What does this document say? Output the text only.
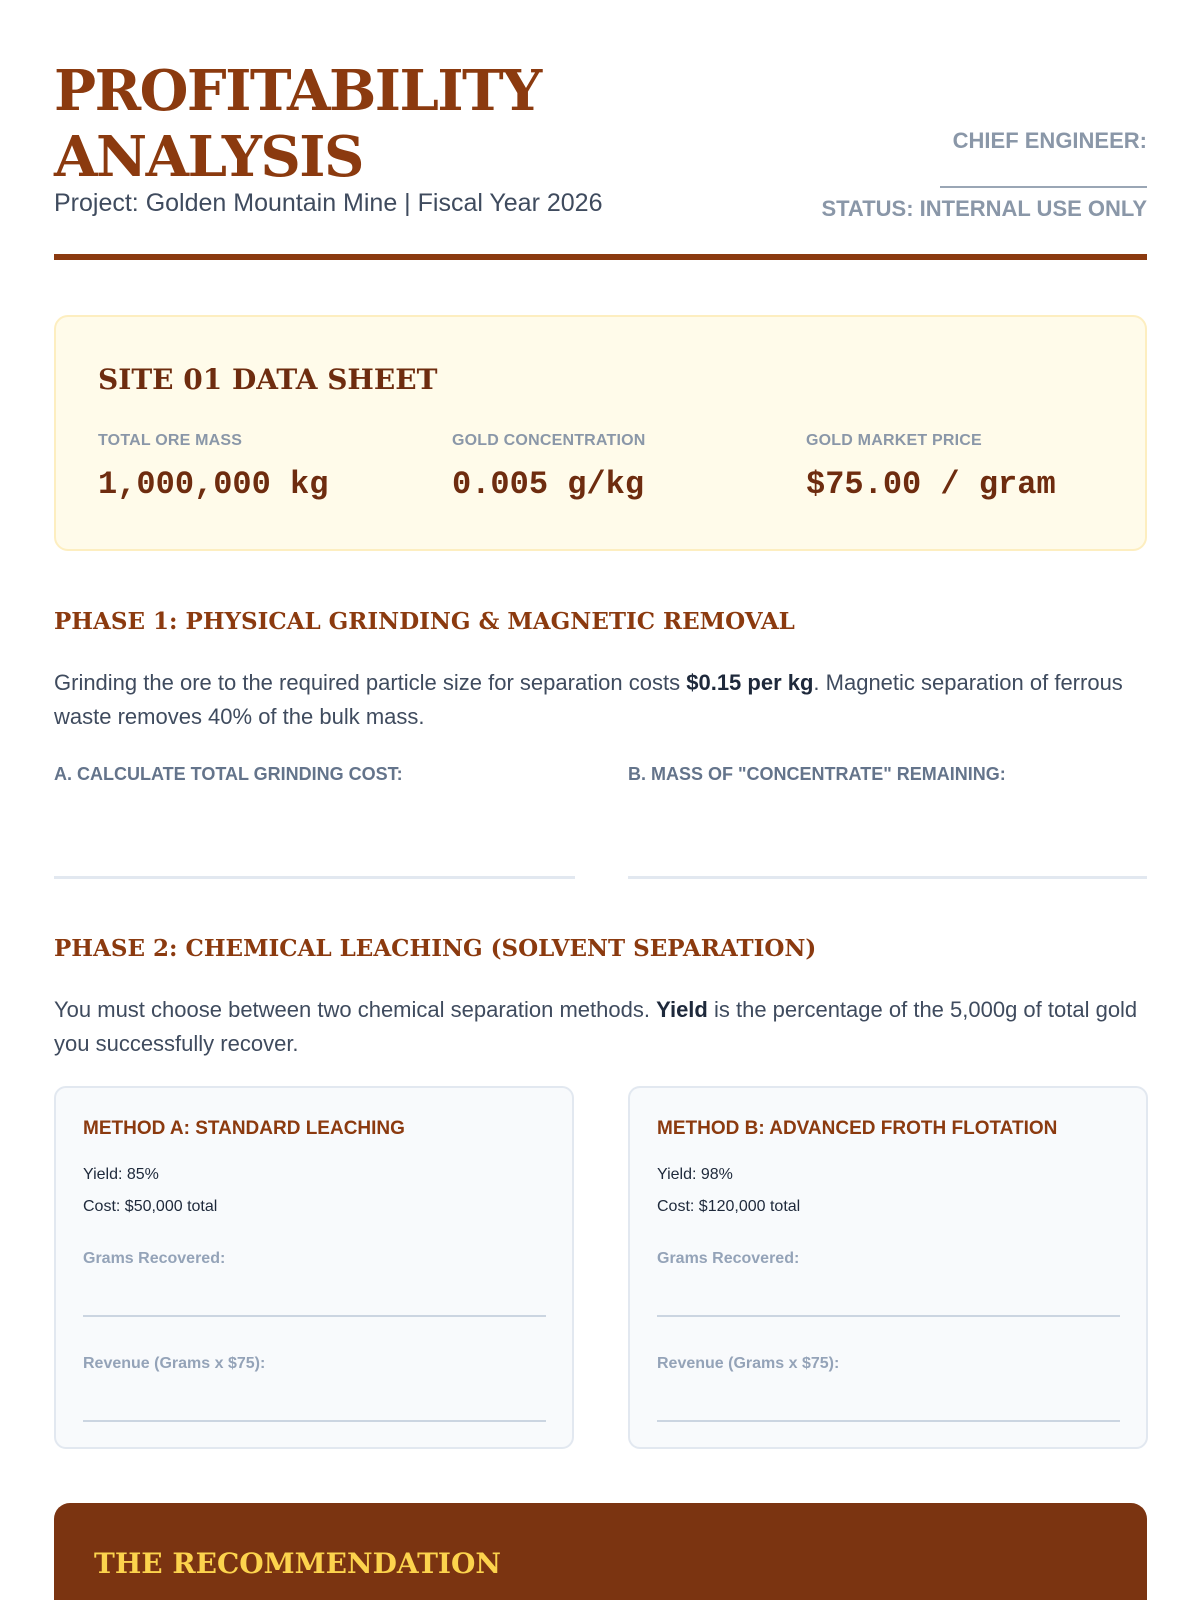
PROFITABILITY
ANALYSIS
Project: Golden Mountain Mine | Fiscal Year 2026
CHIEF ENGINEER:
STATUS: INTERNAL USE ONLY
SITE 01 DATA SHEET
TOTAL ORE MASS
1,000,000 kg
GOLD CONCENTRATION
0.005 g/kg
GOLD MARKET PRICE
$75.00 / gram
PHASE 1: PHYSICAL GRINDING & MAGNETIC REMOVAL
Grinding the ore to the required particle size for separation costs $0.15 per kg. Magnetic separation of ferrous waste removes 40% of the bulk mass.
A. CALCULATE TOTAL GRINDING COST:	B. MASS OF "CONCENTRATE" REMAINING:
PHASE 2: CHEMICAL LEACHING (SOLVENT SEPARATION)
You must choose between two chemical separation methods. Yield is the percentage of the 5,000g of total gold you successfully recover.
METHOD A: STANDARD LEACHING
Yield: 85%
Cost: $50,000 total
Grams Recovered:
Revenue (Grams x $75):
METHOD B: ADVANCED FROTH FLOTATION
Yield: 98%
Cost: $120,000 total
Grams Recovered:
Revenue (Grams x $75):
THE RECOMMENDATION
